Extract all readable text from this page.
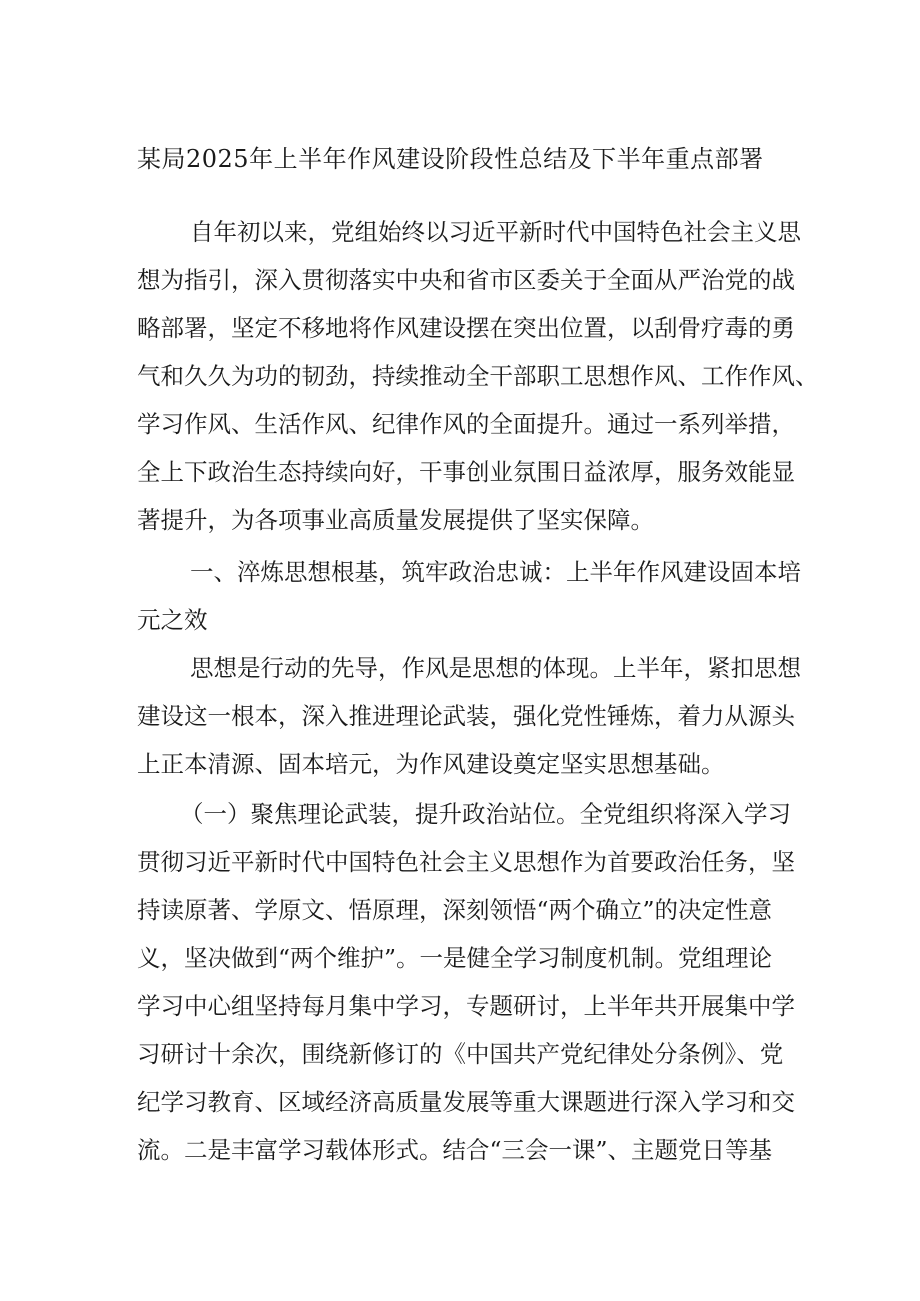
某局2025年上半年作风建设阶段性总结及下半年重点部署
自年初以来，党组始终以习近平新时代中国特色社会主义思
想为指引，深入贯彻落实中央和省市区委关于全面从严治党的战
略部署，坚定不移地将作风建设摆在突出位置，以刮骨疗毒的勇
气和久久为功的韧劲，持续推动全干部职工思想作风、工作作风、
学习作风、生活作风、纪律作风的全面提升。通过一系列举措，
全上下政治生态持续向好，干事创业氛围日益浓厚，服务效能显
著提升，为各项事业高质量发展提供了坚实保障。
一、淬炼思想根基，筑牢政治忠诚：上半年作风建设固本培
元之效
思想是行动的先导，作风是思想的体现。上半年，紧扣思想
建设这一根本，深入推进理论武装，强化党性锤炼，着力从源头
上正本清源、固本培元，为作风建设奠定坚实思想基础。
（一）聚焦理论武装，提升政治站位。全党组织将深入学习
贯彻习近平新时代中国特色社会主义思想作为首要政治任务，坚
持读原著、学原文、悟原理，深刻领悟“两个确立”的决定性意
义，坚决做到“两个维护”。一是健全学习制度机制。党组理论
学习中心组坚持每月集中学习，专题研讨，上半年共开展集中学
习研讨十余次，围绕新修订的《中国共产党纪律处分条例》、党
纪学习教育、区域经济高质量发展等重大课题进行深入学习和交
流。二是丰富学习载体形式。结合“三会一课”、主题党日等基
